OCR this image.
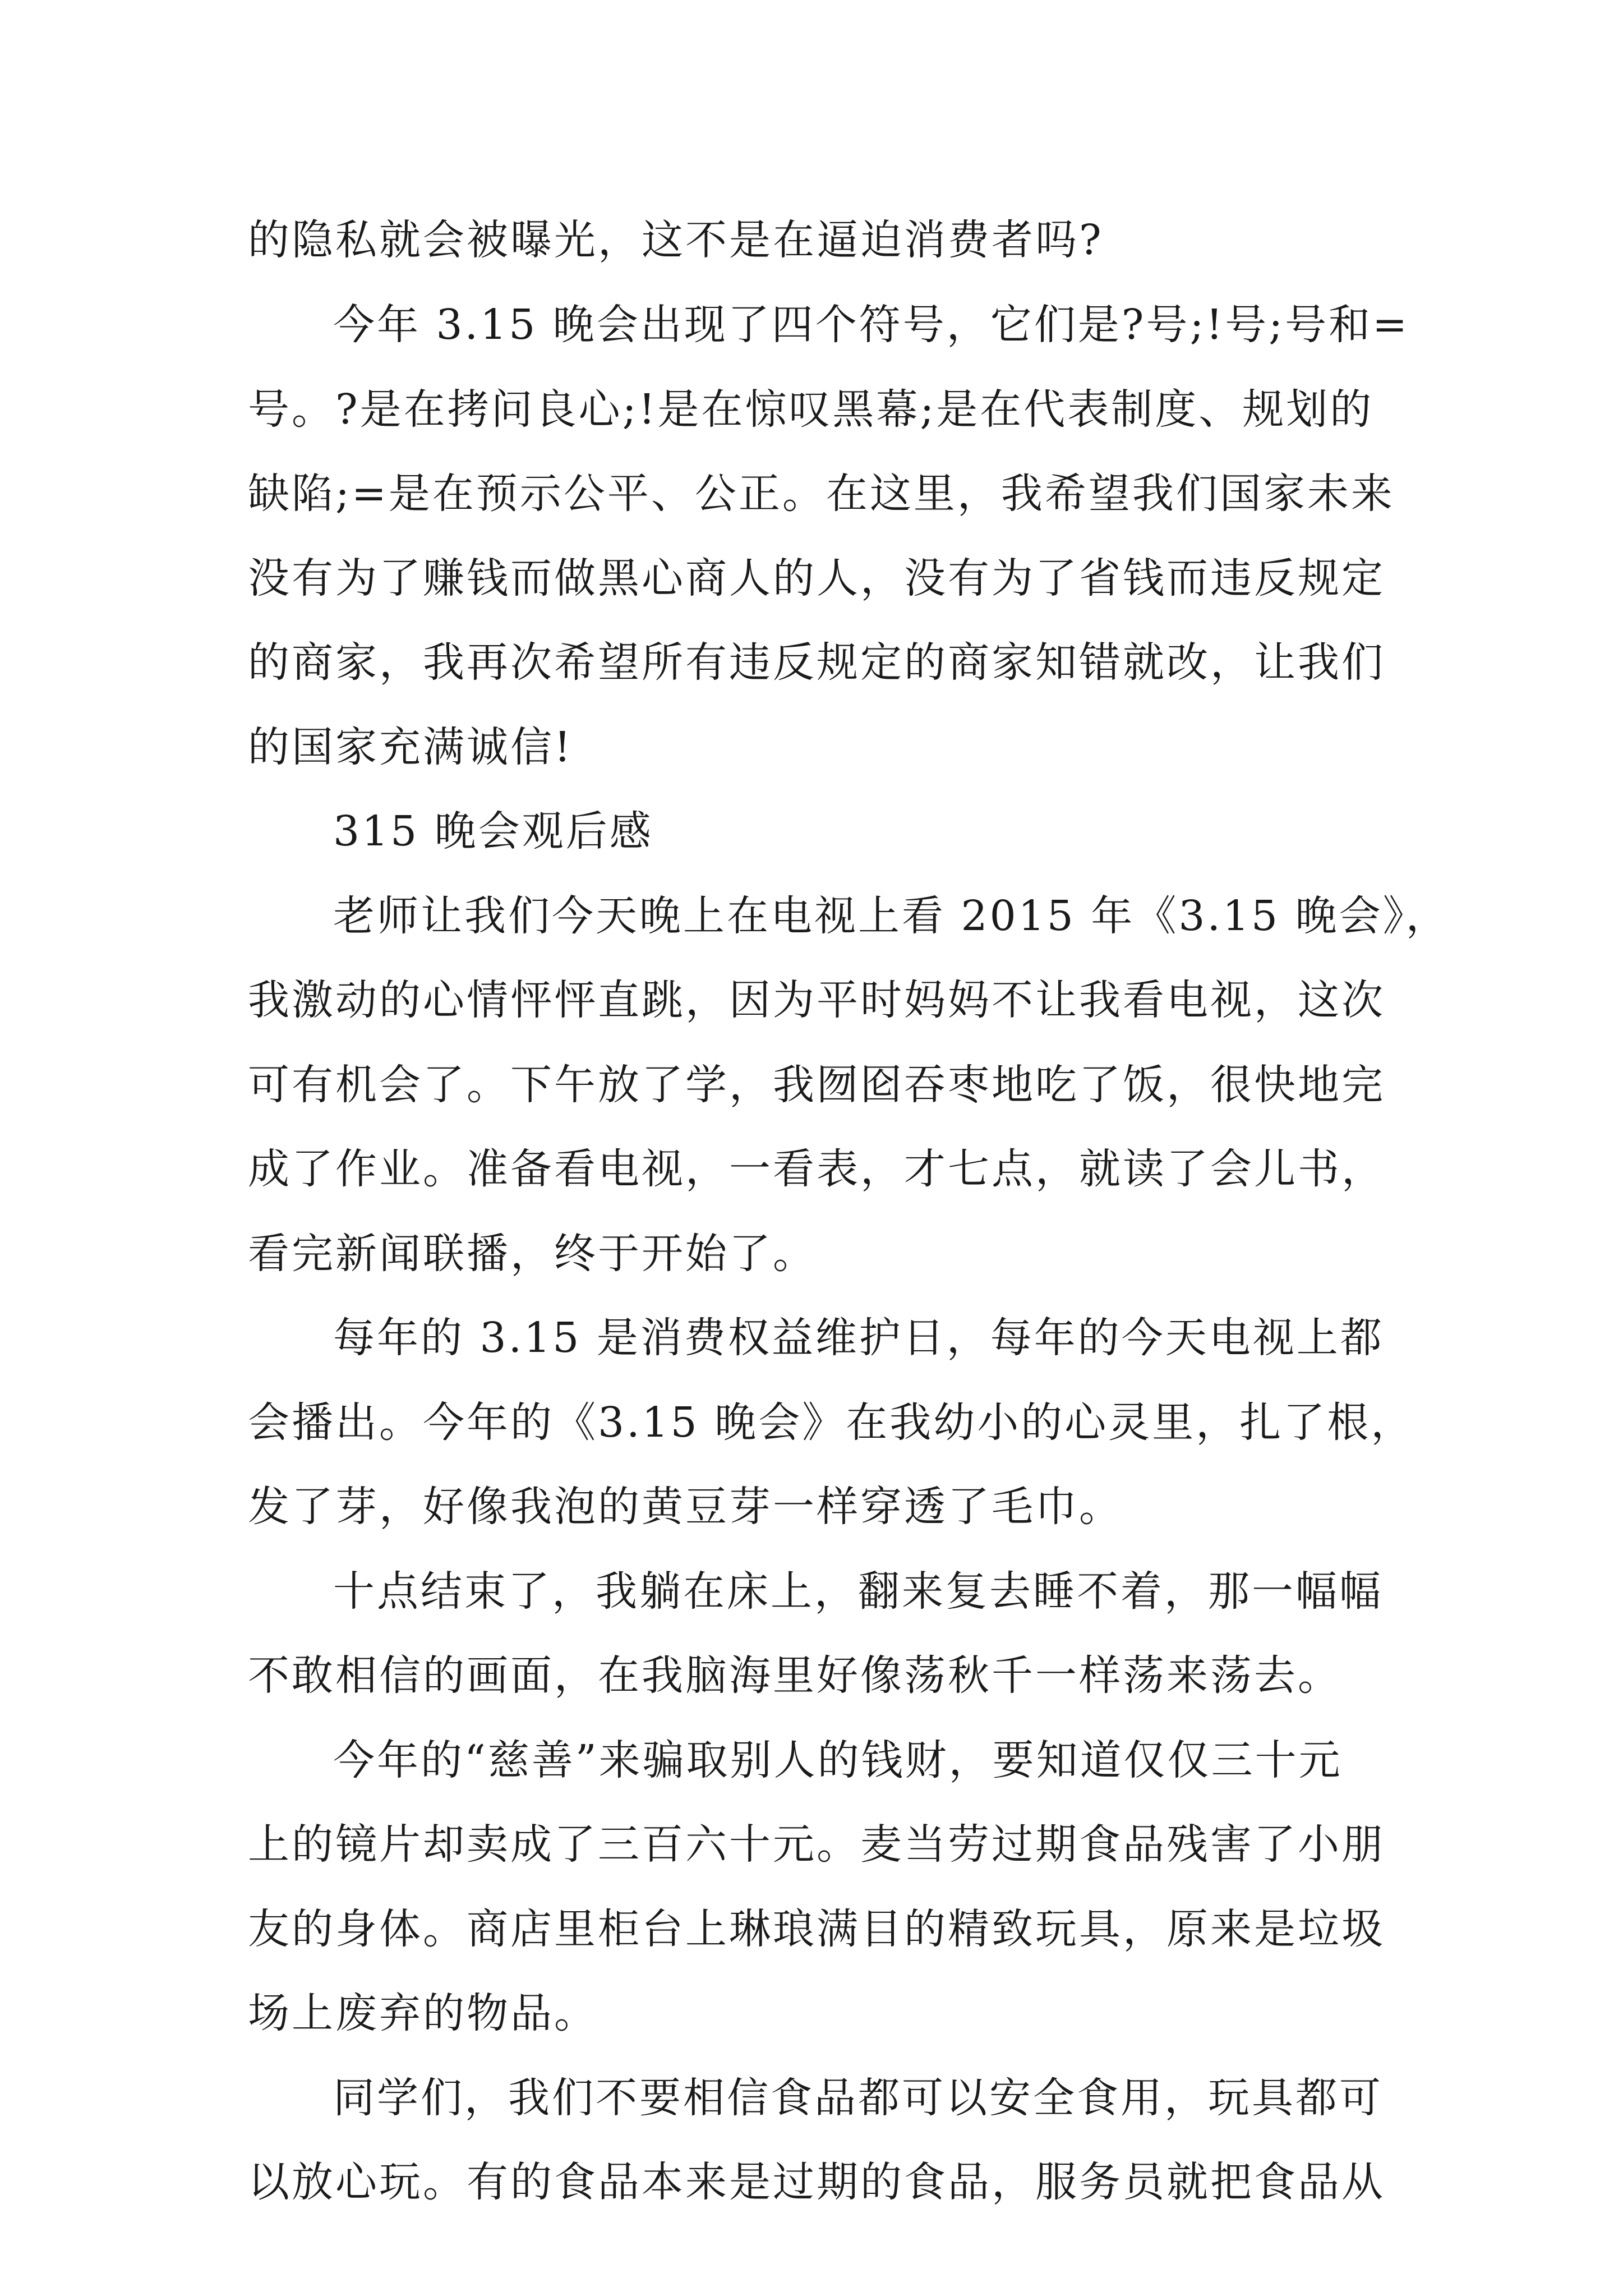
的隐私就会被曝光，这不是在逼迫消费者吗?
今年 3.15 晚会出现了四个符号，它们是?号;!号;号和=
号。?是在拷问良心;!是在惊叹黑幕;是在代表制度、规划的
缺陷;=是在预示公平、公正。在这里，我希望我们国家未来
没有为了赚钱而做黑心商人的人，没有为了省钱而违反规定
的商家，我再次希望所有违反规定的商家知错就改，让我们
的国家充满诚信!
315 晚会观后感
老师让我们今天晚上在电视上看 2015 年《3.15 晚会》，
我激动的心情怦怦直跳，因为平时妈妈不让我看电视，这次
可有机会了。下午放了学，我囫囵吞枣地吃了饭，很快地完
成了作业。准备看电视，一看表，才七点，就读了会儿书，
看完新闻联播，终于开始了。
每年的 3.15 是消费权益维护日，每年的今天电视上都
会播出。今年的《3.15 晚会》在我幼小的心灵里，扎了根，
发了芽，好像我泡的黄豆芽一样穿透了毛巾。
十点结束了，我躺在床上，翻来复去睡不着，那一幅幅
不敢相信的画面，在我脑海里好像荡秋千一样荡来荡去。
今年的“慈善”来骗取别人的钱财，要知道仅仅三十元
上的镜片却卖成了三百六十元。麦当劳过期食品残害了小朋
友的身体。商店里柜台上琳琅满目的精致玩具，原来是垃圾
场上废弃的物品。
同学们，我们不要相信食品都可以安全食用，玩具都可
以放心玩。有的食品本来是过期的食品，服务员就把食品从
